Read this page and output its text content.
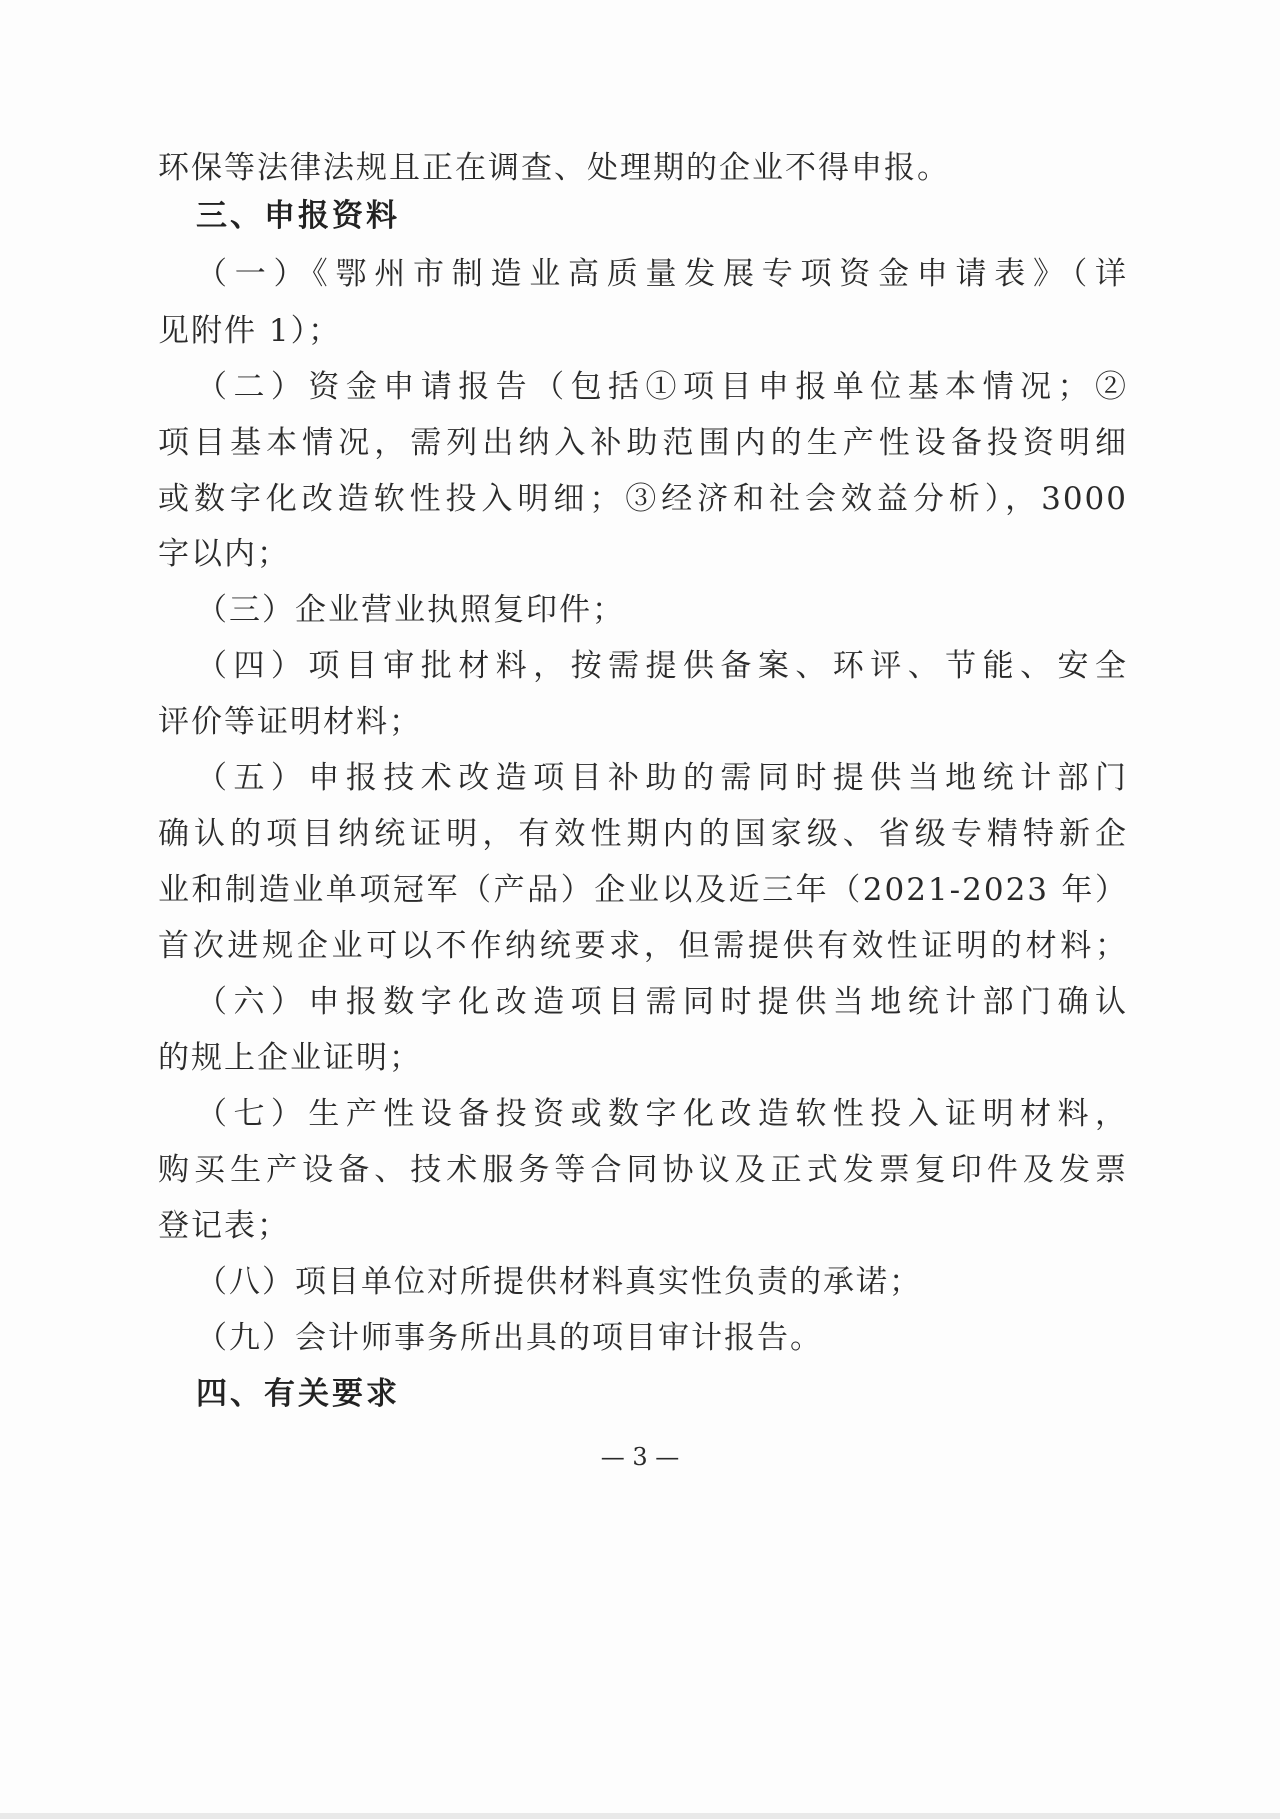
环保等法律法规且正在调查、处理期的企业不得申报。
三、申报资料
（一）《鄂州市制造业高质量发展专项资金申请表》（详
见附件 1）；
（二）资金申请报告（包括①项目申报单位基本情况；②
项目基本情况，需列出纳入补助范围内的生产性设备投资明细
或数字化改造软性投入明细；③经济和社会效益分析），3000
字以内；
（三）企业营业执照复印件；
（四）项目审批材料，按需提供备案、环评、节能、安全
评价等证明材料；
（五）申报技术改造项目补助的需同时提供当地统计部门
确认的项目纳统证明，有效性期内的国家级、省级专精特新企
业和制造业单项冠军（产品）企业以及近三年（2021-2023 年）
首次进规企业可以不作纳统要求，但需提供有效性证明的材料；
（六）申报数字化改造项目需同时提供当地统计部门确认
的规上企业证明；
（七）生产性设备投资或数字化改造软性投入证明材料，
购买生产设备、技术服务等合同协议及正式发票复印件及发票
登记表；
（八）项目单位对所提供材料真实性负责的承诺；
（九）会计师事务所出具的项目审计报告。
四、有关要求
— 3 —
